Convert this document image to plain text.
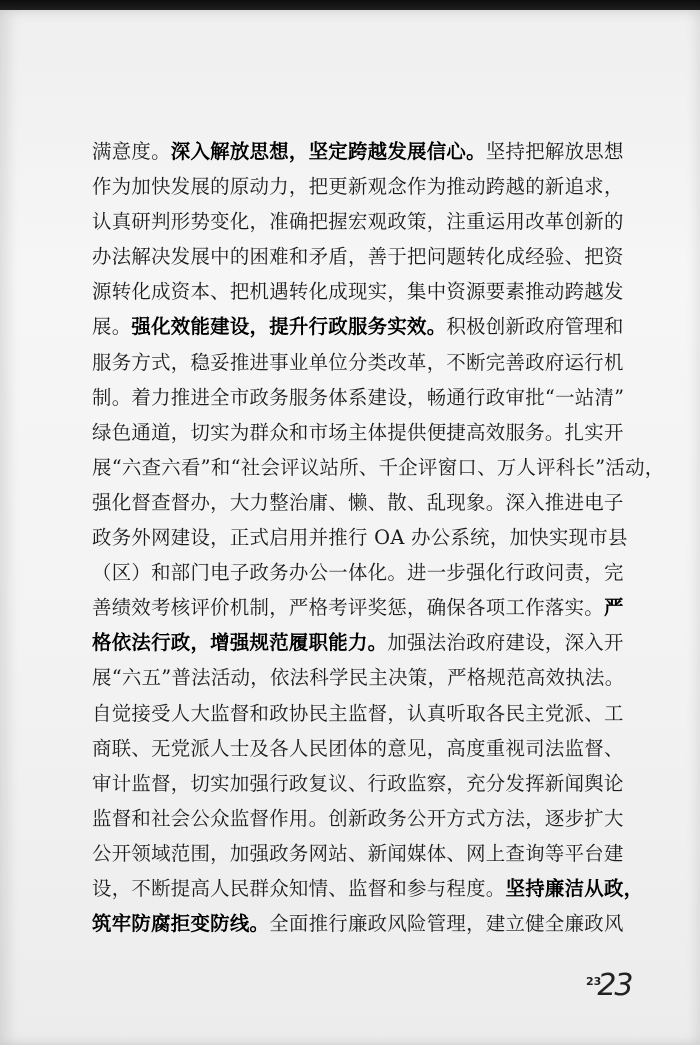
满意度。深入解放思想，坚定跨越发展信心。坚持把解放思想
作为加快发展的原动力，把更新观念作为推动跨越的新追求，
认真研判形势变化，准确把握宏观政策，注重运用改革创新的
办法解决发展中的困难和矛盾，善于把问题转化成经验、把资
源转化成资本、把机遇转化成现实，集中资源要素推动跨越发
展。强化效能建设，提升行政服务实效。积极创新政府管理和
服务方式，稳妥推进事业单位分类改革，不断完善政府运行机
制。着力推进全市政务服务体系建设，畅通行政审批“一站清”
绿色通道，切实为群众和市场主体提供便捷高效服务。扎实开
展“六查六看”和“社会评议站所、千企评窗口、万人评科长”活动，
强化督查督办，大力整治庸、懒、散、乱现象。深入推进电子
政务外网建设，正式启用并推行 OA 办公系统，加快实现市县
（区）和部门电子政务办公一体化。进一步强化行政问责，完
善绩效考核评价机制，严格考评奖惩，确保各项工作落实。严
格依法行政，增强规范履职能力。加强法治政府建设，深入开
展“六五”普法活动，依法科学民主决策，严格规范高效执法。
自觉接受人大监督和政协民主监督，认真听取各民主党派、工
商联、无党派人士及各人民团体的意见，高度重视司法监督、
审计监督，切实加强行政复议、行政监察，充分发挥新闻舆论
监督和社会公众监督作用。创新政务公开方式方法，逐步扩大
公开领域范围，加强政务网站、新闻媒体、网上查询等平台建
设，不断提高人民群众知情、监督和参与程度。坚持廉洁从政，
筑牢防腐拒变防线。全面推行廉政风险管理，建立健全廉政风
$^{23}$23
